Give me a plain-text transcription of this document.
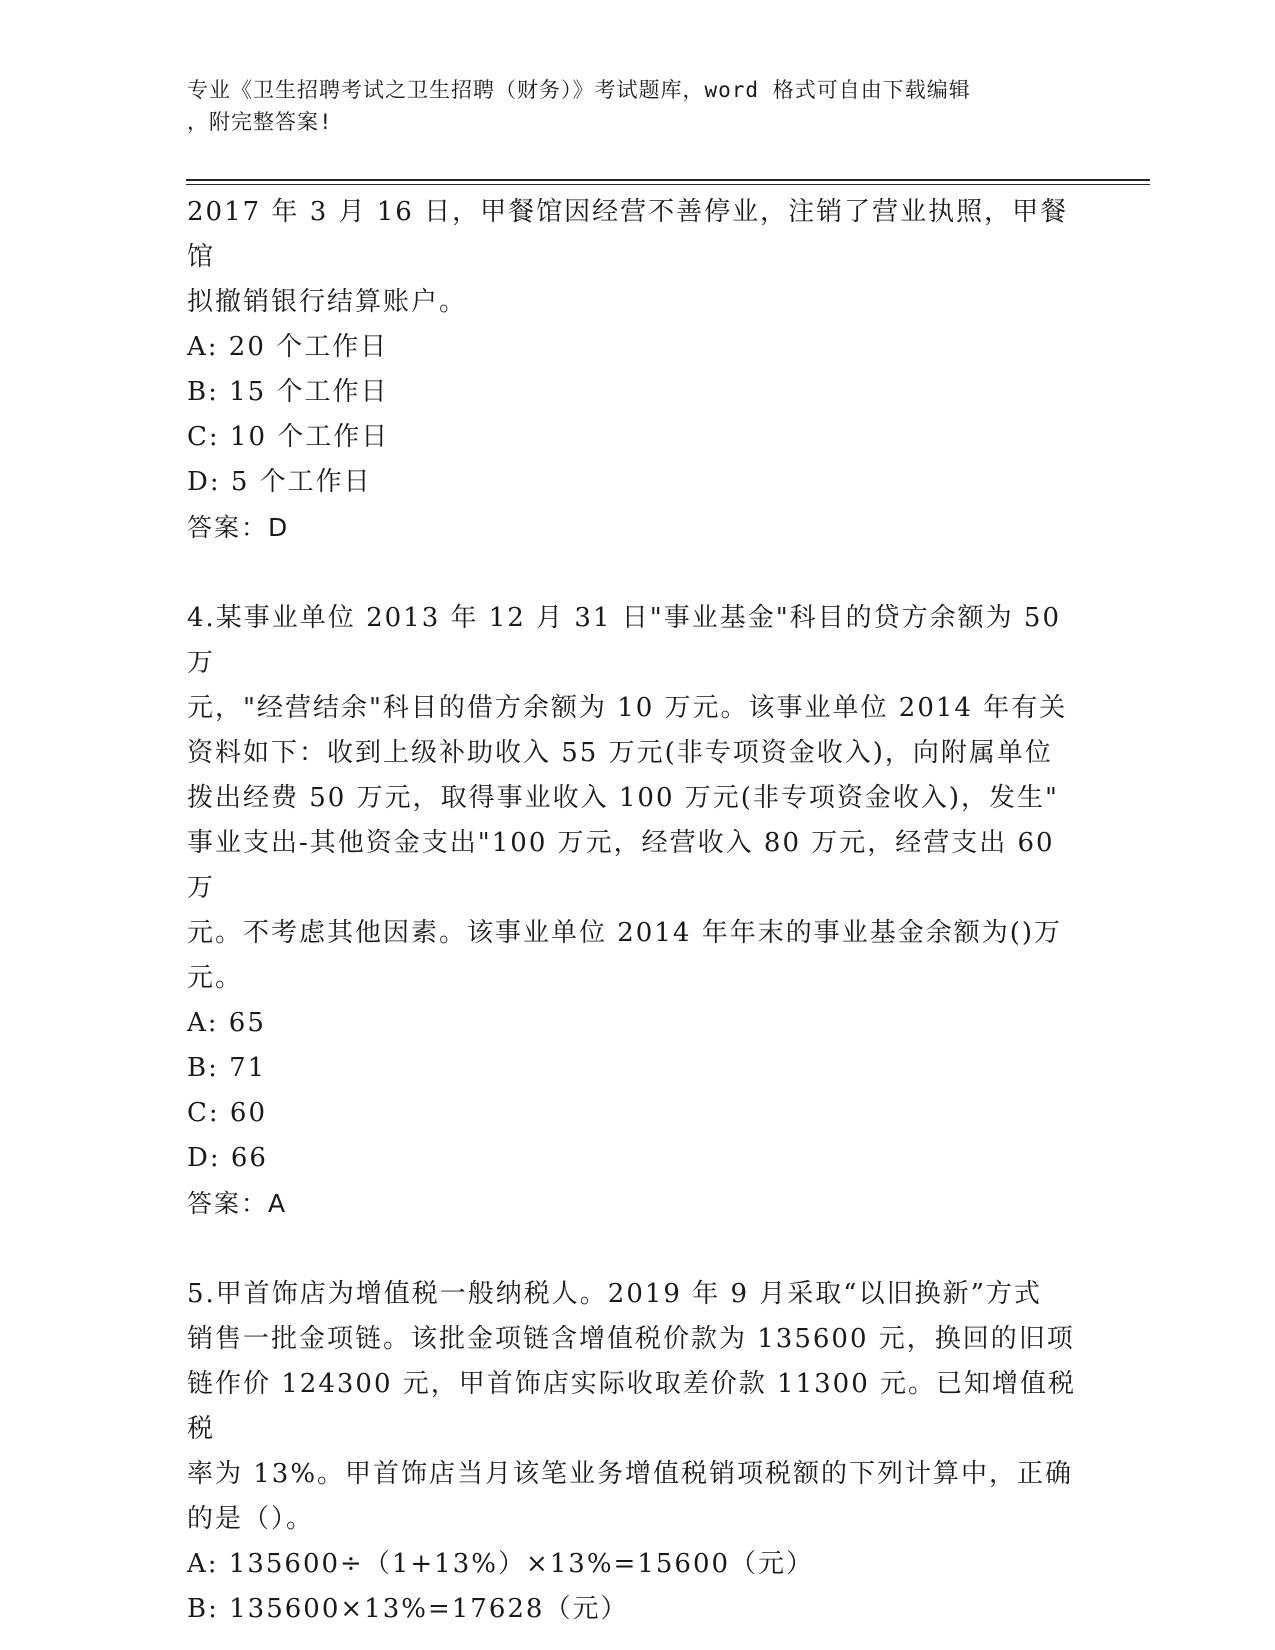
专业《卫生招聘考试之卫生招聘（财务）》考试题库，word 格式可自由下载编辑
，附完整答案!

2017 年 3 月 16 日，甲餐馆因经营不善停业，注销了营业执照，甲餐馆

拟撤销银行结算账户。

A: 20 个工作日

B: 15 个工作日

C: 10 个工作日

D: 5 个工作日

答案：D

4.某事业单位 2013 年 12 月 31 日"事业基金"科目的贷方余额为 50 万

元，"经营结余"科目的借方余额为 10 万元。该事业单位 2014 年有关

资料如下：收到上级补助收入 55 万元(非专项资金收入)，向附属单位

拨出经费 50 万元，取得事业收入 100 万元(非专项资金收入)，发生"

事业支出-其他资金支出"100 万元，经营收入 80 万元，经营支出 60 万

元。不考虑其他因素。该事业单位 2014 年年末的事业基金余额为()万

元。

A: 65

B: 71

C: 60

D: 66

答案：A

5.甲首饰店为增值税一般纳税人。2019 年 9 月采取“以旧换新”方式

销售一批金项链。该批金项链含增值税价款为 135600 元，换回的旧项

链作价 124300 元，甲首饰店实际收取差价款 11300 元。已知增值税税

率为 13%。甲首饰店当月该笔业务增值税销项税额的下列计算中，正确

的是（）。

A: 135600÷（1+13%）×13%=15600（元）

B: 135600×13%=17628（元）
